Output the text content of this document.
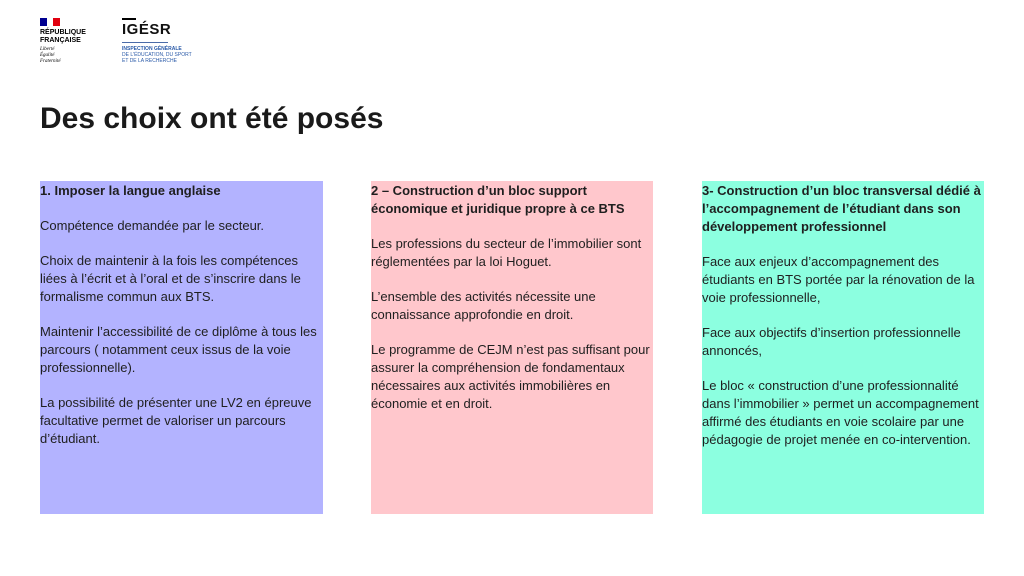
RÉPUBLIQUE
FRANÇAISE
Liberté
Égalité
Fraternité
IGÉSR
INSPECTION GÉNÉRALE
DE L'ÉDUCATION, DU SPORT
ET DE LA RECHERCHE
Des choix ont été posés

1. Imposer la langue anglaise

Compétence demandée par le secteur.

Choix de maintenir à la fois les compétences liées à l’écrit et à l’oral et de s’inscrire dans le formalisme commun aux BTS.

Maintenir l’accessibilité de ce diplôme à tous les parcours ( notamment ceux issus de la voie professionnelle).

La possibilité de présenter une LV2 en épreuve facultative permet de valoriser un parcours d’étudiant.

2 – Construction d’un bloc support économique et juridique propre à ce BTS

Les professions du secteur de l’immobilier sont réglementées par la loi Hoguet.

L’ensemble des activités nécessite une connaissance approfondie en droit.

Le programme de CEJM n’est pas suffisant pour assurer la compréhension de fondamentaux nécessaires aux activités immobilières en économie et en droit.

3- Construction d’un bloc transversal dédié à l’accompagnement de l’étudiant dans son développement professionnel

Face aux enjeux d’accompagnement des étudiants en BTS portée par la rénovation de la voie professionnelle,

Face aux objectifs d’insertion professionnelle annoncés,

Le bloc « construction d’une professionnalité dans l’immobilier » permet un accompagnement affirmé des étudiants en voie scolaire par une pédagogie de projet menée en co-intervention.
